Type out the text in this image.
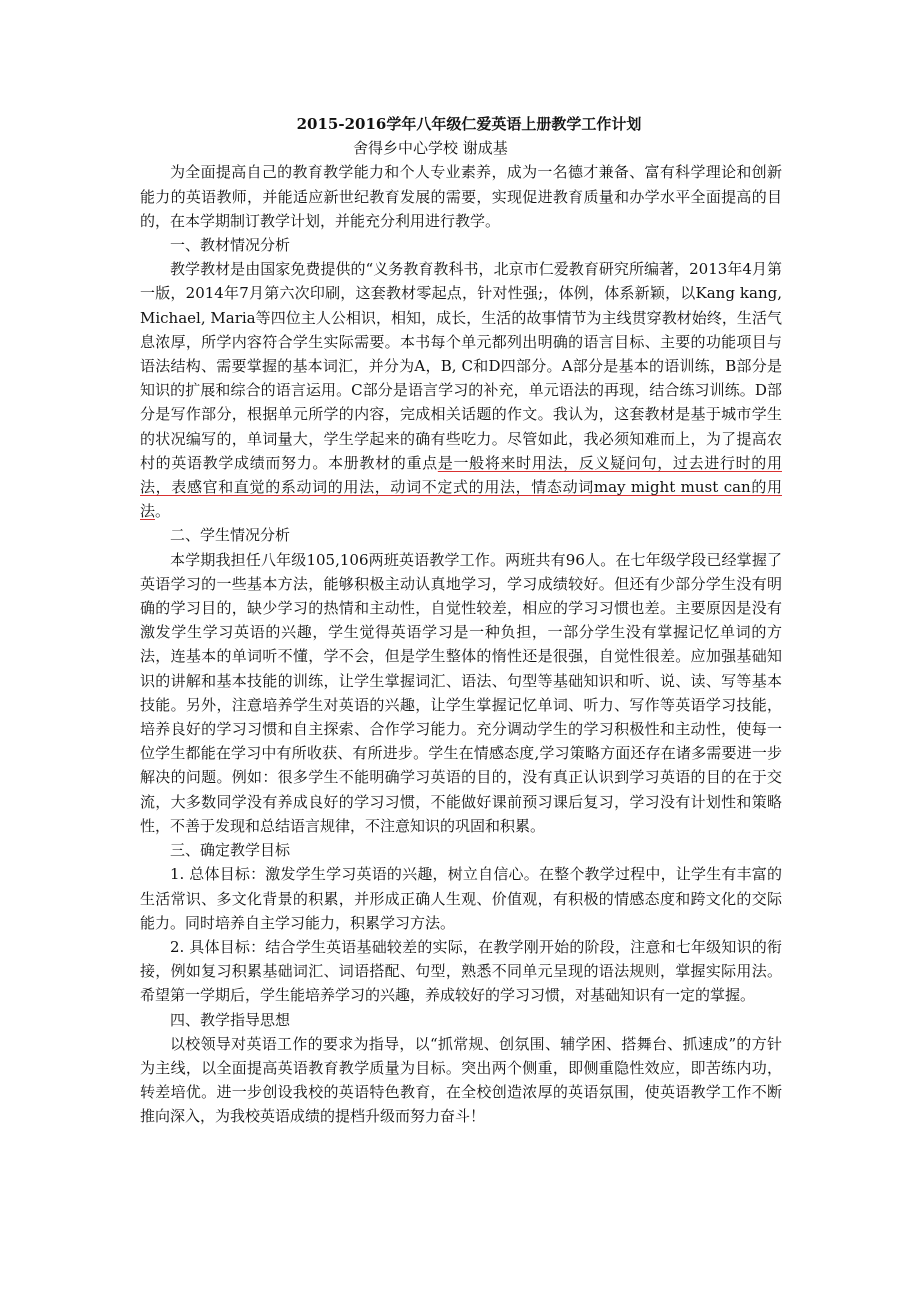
2015-2016学年八年级仁爱英语上册教学工作计划

舍得乡中心学校 谢成基

为全面提高自己的教育教学能力和个人专业素养，成为一名德才兼备、富有科学理论和创新能力的英语教师，并能适应新世纪教育发展的需要，实现促进教育质量和办学水平全面提高的目的，在本学期制订教学计划，并能充分利用进行教学。

一、教材情况分析

教学教材是由国家免费提供的“义务教育教科书，北京市仁爱教育研究所编著，2013年4月第一版，2014年7月第六次印刷，这套教材零起点，针对性强;，体例，体系新颖，以Kang kang, Michael, Maria等四位主人公相识，相知，成长，生活的故事情节为主线贯穿教材始终，生活气息浓厚，所学内容符合学生实际需要。本书每个单元都列出明确的语言目标、主要的功能项目与语法结构、需要掌握的基本词汇，并分为A，B, C和D四部分。A部分是基本的语训练，B部分是知识的扩展和综合的语言运用。C部分是语言学习的补充，单元语法的再现，结合练习训练。D部分是写作部分，根据单元所学的内容，完成相关话题的作文。我认为，这套教材是基于城市学生的状况编写的，单词量大，学生学起来的确有些吃力。尽管如此，我必须知难而上，为了提高农村的英语教学成绩而努力。本册教材的重点是一般将来时用法，反义疑问句，过去进行时的用法，表感官和直觉的系动词的用法，动词不定式的用法，情态动词may might must can的用法。

二、学生情况分析

本学期我担任八年级105,106两班英语教学工作。两班共有96人。在七年级学段已经掌握了英语学习的一些基本方法，能够积极主动认真地学习，学习成绩较好。但还有少部分学生没有明确的学习目的，缺少学习的热情和主动性，自觉性较差，相应的学习习惯也差。主要原因是没有激发学生学习英语的兴趣，学生觉得英语学习是一种负担，一部分学生没有掌握记忆单词的方法，连基本的单词听不懂，学不会，但是学生整体的惰性还是很强，自觉性很差。应加强基础知识的讲解和基本技能的训练，让学生掌握词汇、语法、句型等基础知识和听、说、读、写等基本技能。另外，注意培养学生对英语的兴趣，让学生掌握记忆单词、听力、写作等英语学习技能，培养良好的学习习惯和自主探索、合作学习能力。充分调动学生的学习积极性和主动性，使每一位学生都能在学习中有所收获、有所进步。学生在情感态度,学习策略方面还存在诸多需要进一步解决的问题。例如：很多学生不能明确学习英语的目的，没有真正认识到学习英语的目的在于交流，大多数同学没有养成良好的学习习惯，不能做好课前预习课后复习，学习没有计划性和策略性，不善于发现和总结语言规律，不注意知识的巩固和积累。

三、确定教学目标

1. 总体目标：激发学生学习英语的兴趣，树立自信心。在整个教学过程中，让学生有丰富的生活常识、多文化背景的积累，并形成正确人生观、价值观，有积极的情感态度和跨文化的交际能力。同时培养自主学习能力，积累学习方法。

2. 具体目标：结合学生英语基础较差的实际，在教学刚开始的阶段，注意和七年级知识的衔接，例如复习积累基础词汇、词语搭配、句型，熟悉不同单元呈现的语法规则，掌握实际用法。希望第一学期后，学生能培养学习的兴趣，养成较好的学习习惯，对基础知识有一定的掌握。

四、教学指导思想

以校领导对英语工作的要求为指导，以“抓常规、创氛围、辅学困、搭舞台、抓速成”的方针为主线，以全面提高英语教育教学质量为目标。突出两个侧重，即侧重隐性效应，即苦练内功，转差培优。进一步创设我校的英语特色教育，在全校创造浓厚的英语氛围，使英语教学工作不断推向深入，为我校英语成绩的提档升级而努力奋斗！
